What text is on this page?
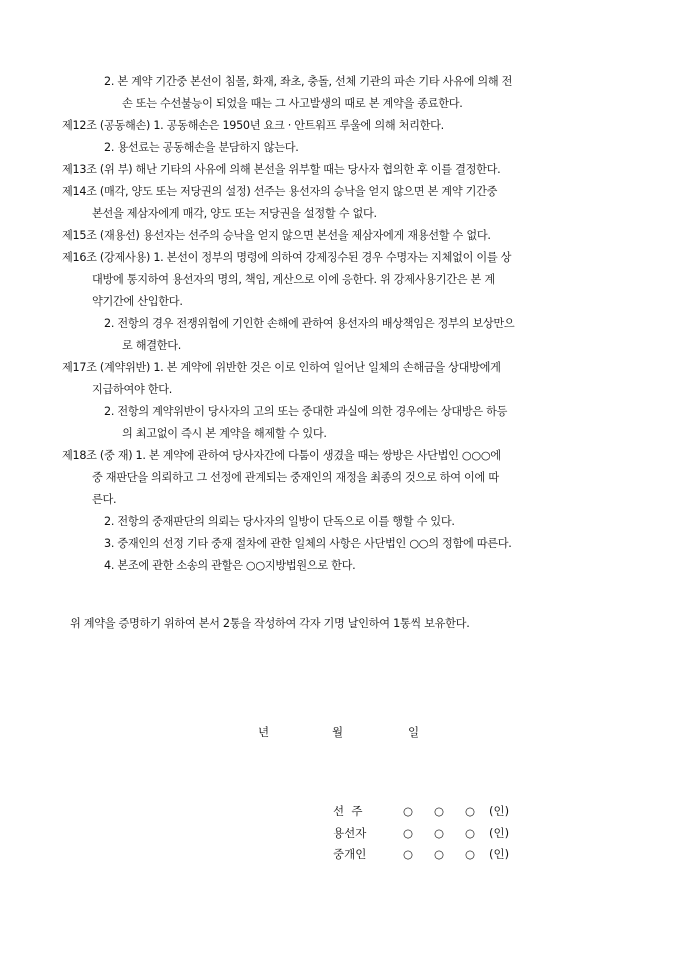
2. 본 계약 기간중 본선이 침몰, 화재, 좌초, 충돌, 선체 기관의 파손 기타 사유에 의해 전
손 또는 수선불능이 되었을 때는 그 사고발생의 때로 본 계약을 종료한다.
제12조 (공동해손) 1. 공동해손은 1950년 요크 · 안트워프 루울에 의해 처리한다.
2. 용선료는 공동해손을 분담하지 않는다.
제13조 (위 부) 해난 기타의 사유에 의해 본선을 위부할 때는 당사자 협의한 후 이를 결정한다.
제14조 (매각, 양도 또는 저당권의 설정) 선주는 용선자의 승낙을 얻지 않으면 본 계약 기간중
본선을 제삼자에게 매각, 양도 또는 저당권을 설정할 수 없다.
제15조 (재용선) 용선자는 선주의 승낙을 얻지 않으면 본선을 제삼자에게 재용선할 수 없다.
제16조 (강제사용) 1. 본선이 정부의 명령에 의하여 강제징수된 경우 수명자는 지체없이 이를 상
대방에 통지하여 용선자의 명의, 책임, 계산으로 이에 응한다. 위 강제사용기간은 본 계
약기간에 산입한다.
2. 전항의 경우 전쟁위험에 기인한 손해에 관하여 용선자의 배상책임은 정부의 보상만으
로 해결한다.
제17조 (계약위반) 1. 본 계약에 위반한 것은 이로 인하여 일어난 일체의 손해금을 상대방에게
지급하여야 한다.
2. 전항의 계약위반이 당사자의 고의 또는 중대한 과실에 의한 경우에는 상대방은 하등
의 최고없이 즉시 본 계약을 해제할 수 있다.
제18조 (중 재) 1. 본 계약에 관하여 당사자간에 다툼이 생겼을 때는 쌍방은 사단법인 ○○○에
중 재판단을 의뢰하고 그 선정에 관계되는 중재인의 재정을 최종의 것으로 하여 이에 따
른다.
2. 전항의 중재판단의 의뢰는 당사자의 일방이 단독으로 이를 행할 수 있다.
3. 중재인의 선정 기타 중재 절차에 관한 일체의 사항은 사단법인 ○○의 정함에 따른다.
4. 본조에 관한 소송의 관할은 ○○지방법원으로 한다.
위 계약을 증명하기 위하여 본서 2통을 작성하여 각자 기명 날인하여 1통씩 보유한다.
년	월	일
선  주	○ ○ ○ (인)
용선자	○ ○ ○ (인)
중개인	○ ○ ○ (인)
